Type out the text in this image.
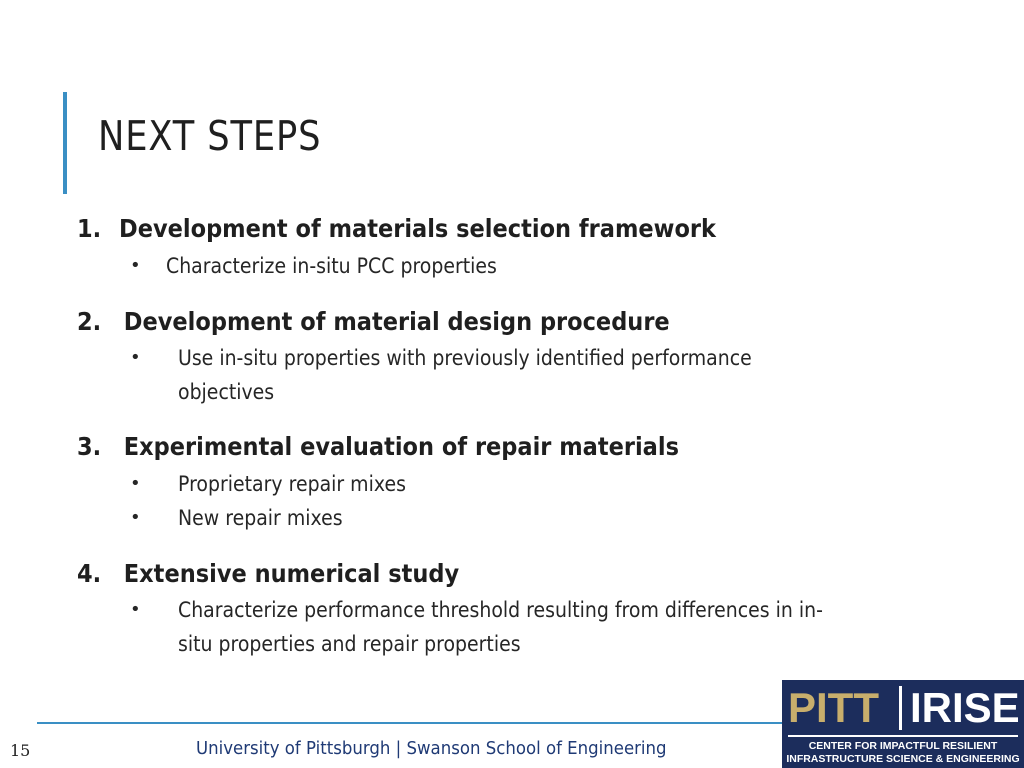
NEXT STEPS
1. Development of materials selection framework
• Characterize in-situ PCC properties
2. Development of material design procedure
• Use in-situ properties with previously identified performance
objectives
3. Experimental evaluation of repair materials
• Proprietary repair mixes
• New repair mixes
4. Extensive numerical study
• Characterize performance threshold resulting from differences in in-
situ properties and repair properties
15	University of Pittsburgh | Swanson School of Engineering
PITT IRISE
CENTER FOR IMPACTFUL RESILIENT
INFRASTRUCTURE SCIENCE & ENGINEERING
